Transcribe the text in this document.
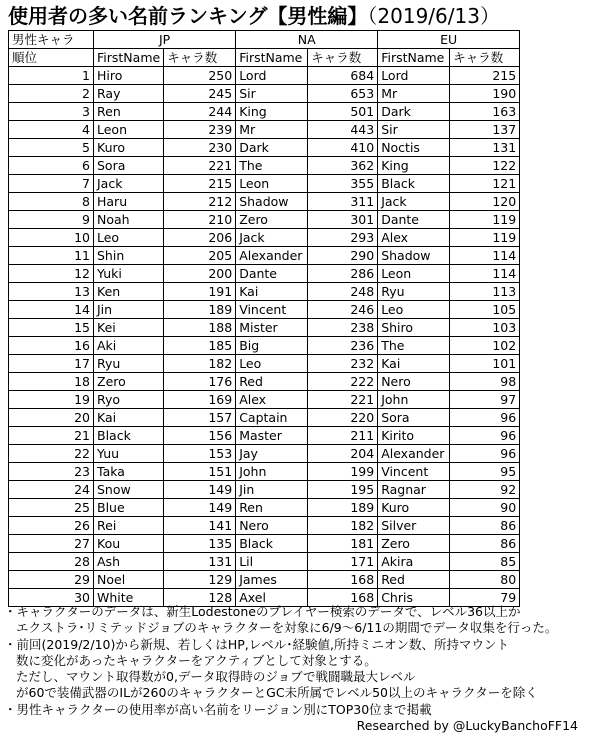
使用者の多い名前ランキング【男性編】（2019/6/13）
男性キャラ	JP		NA		EU	
順位	FirstName	キャラ数	FirstName	キャラ数	FirstName	キャラ数
1	Hiro	250	Lord	684	Lord	215
2	Ray	245	Sir	653	Mr	190
3	Ren	244	King	501	Dark	163
4	Leon	239	Mr	443	Sir	137
5	Kuro	230	Dark	410	Noctis	131
6	Sora	221	The	362	King	122
7	Jack	215	Leon	355	Black	121
8	Haru	212	Shadow	311	Jack	120
9	Noah	210	Zero	301	Dante	119
10	Leo	206	Jack	293	Alex	119
11	Shin	205	Alexander	290	Shadow	114
12	Yuki	200	Dante	286	Leon	114
13	Ken	191	Kai	248	Ryu	113
14	Jin	189	Vincent	246	Leo	105
15	Kei	188	Mister	238	Shiro	103
16	Aki	185	Big	236	The	102
17	Ryu	182	Leo	232	Kai	101
18	Zero	176	Red	222	Nero	98
19	Ryo	169	Alex	221	John	97
20	Kai	157	Captain	220	Sora	96
21	Black	156	Master	211	Kirito	96
22	Yuu	153	Jay	204	Alexander	96
23	Taka	151	John	199	Vincent	95
24	Snow	149	Jin	195	Ragnar	92
25	Blue	149	Ren	189	Kuro	90
26	Rei	141	Nero	182	Silver	86
27	Kou	135	Black	181	Zero	86
28	Ash	131	Lil	171	Akira	85
29	Noel	129	James	168	Red	80
30	White	128	Axel	168	Chris	79
・キャラクターのデータは、新生Lodestoneのプレイヤー検索のデータで、レベル36以上か
エクストラ･リミテッドジョブのキャラクターを対象に6/9～6/11の期間でデータ収集を行った。
・前回(2019/2/10)から新規、若しくはHP,レベル･経験値,所持ミニオン数、所持マウント
数に変化があったキャラクターをアクティブとして対象とする。
ただし、マウント取得数が0,データ取得時のジョブで戦闘職最大レベル
が60で装備武器のILが260のキャラクターとGC未所属でレベル50以上のキャラクターを除く
・男性キャラクターの使用率が高い名前をリージョン別にTOP30位まで掲載
Researched by @LuckyBanchoFF14
